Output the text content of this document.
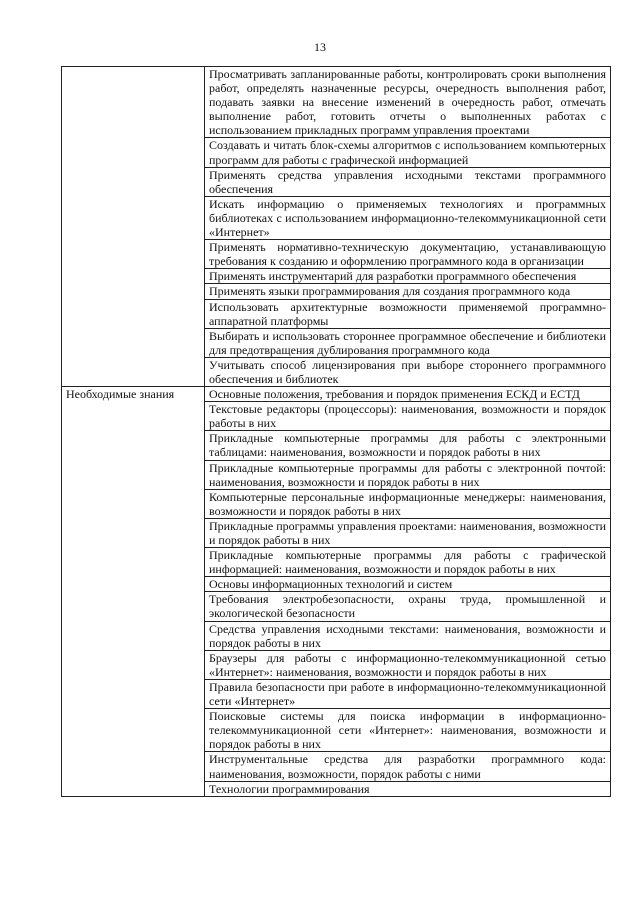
13
	Просматривать запланированные работы, контролировать сроки выполнения работ, определять назначенные ресурсы, очередность выполнения работ, подавать заявки на внесение изменений в очередность работ, отмечать выполнение работ, готовить отчеты о выполненных работах с использованием прикладных программ управления проектами
	Создавать и читать блок-схемы алгоритмов с использованием компьютерных программ для работы с графической информацией
	Применять средства управления исходными текстами программного обеспечения
	Искать информацию о применяемых технологиях и программных библиотеках с использованием информационно-телекоммуникационной сети «Интернет»
	Применять нормативно-техническую документацию, устанавливающую требования к созданию и оформлению программного кода в организации
	Применять инструментарий для разработки программного обеспечения
	Применять языки программирования для создания программного кода
	Использовать архитектурные возможности применяемой программно-аппаратной платформы
	Выбирать и использовать стороннее программное обеспечение и библиотеки для предотвращения дублирования программного кода
	Учитывать способ лицензирования при выборе стороннего программного обеспечения и библиотек
Необходимые знания	Основные положения, требования и порядок применения ЕСКД и ЕСТД
	Текстовые редакторы (процессоры): наименования, возможности и порядок работы в них
	Прикладные компьютерные программы для работы с электронными таблицами: наименования, возможности и порядок работы в них
	Прикладные компьютерные программы для работы с электронной почтой: наименования, возможности и порядок работы в них
	Компьютерные персональные информационные менеджеры: наименования, возможности и порядок работы в них
	Прикладные программы управления проектами: наименования, возможности и порядок работы в них
	Прикладные компьютерные программы для работы с графической информацией: наименования, возможности и порядок работы в них
	Основы информационных технологий и систем
	Требования электробезопасности, охраны труда, промышленной и экологической безопасности
	Средства управления исходными текстами: наименования, возможности и порядок работы в них
	Браузеры для работы с информационно-телекоммуникационной сетью «Интернет»: наименования, возможности и порядок работы в них
	Правила безопасности при работе в информационно-телекоммуникационной сети «Интернет»
	Поисковые системы для поиска информации в информационно-телекоммуникационной сети «Интернет»: наименования, возможности и порядок работы в них
	Инструментальные средства для разработки программного кода: наименования, возможности, порядок работы с ними
	Технологии программирования
